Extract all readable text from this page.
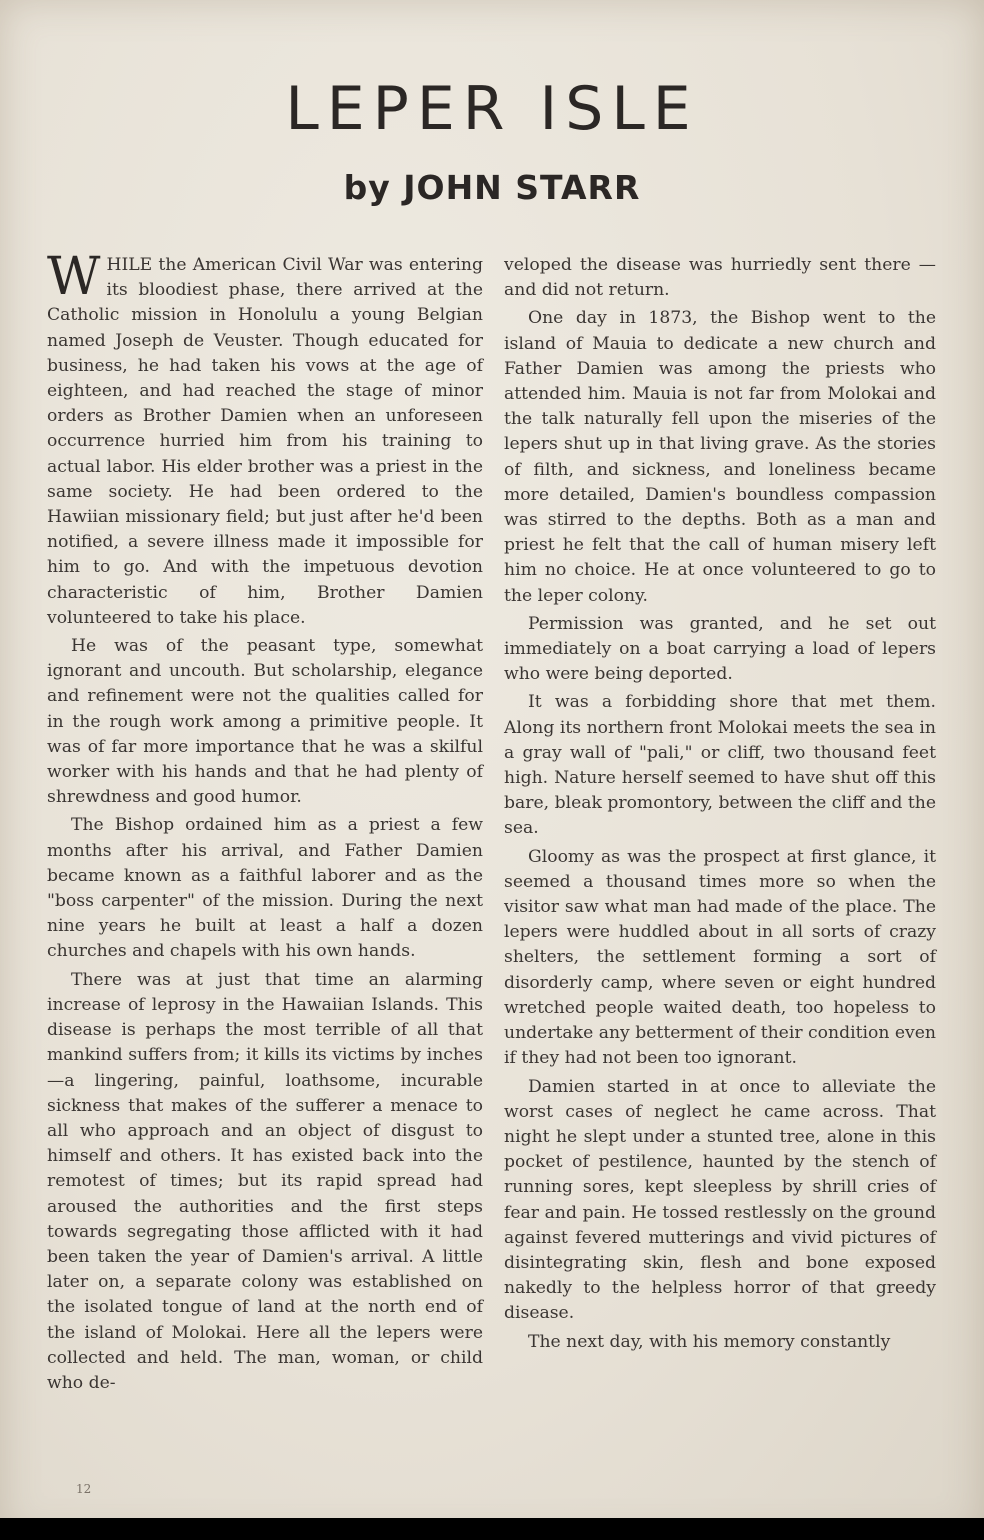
LEPER ISLE
by JOHN STARR

WHILE the American Civil War was entering its bloodiest phase, there arrived at the Catholic mission in Honolulu a young Belgian named Joseph de Veuster. Though educated for business, he had taken his vows at the age of eighteen, and had reached the stage of minor orders as Brother Damien when an unforeseen occurrence hurried him from his training to actual labor. His elder brother was a priest in the same society. He had been ordered to the Hawiian missionary field; but just after he'd been notified, a severe illness made it impossible for him to go. And with the impetuous devotion characteristic of him, Brother Damien volunteered to take his place.

He was of the peasant type, somewhat ignorant and uncouth. But scholarship, elegance and refinement were not the qualities called for in the rough work among a primitive people. It was of far more importance that he was a skilful worker with his hands and that he had plenty of shrewdness and good humor.

The Bishop ordained him as a priest a few months after his arrival, and Father Damien became known as a faithful laborer and as the "boss carpenter" of the mission. During the next nine years he built at least a half a dozen churches and chapels with his own hands.

There was at just that time an alarming increase of leprosy in the Hawaiian Islands. This disease is perhaps the most terrible of all that mankind suffers from; it kills its victims by inches—a lingering, painful, loathsome, incurable sickness that makes of the sufferer a menace to all who approach and an object of disgust to himself and others. It has existed back into the remotest of times; but its rapid spread had aroused the authorities and the first steps towards segregating those afflicted with it had been taken the year of Damien's arrival. A little later on, a separate colony was established on the isolated tongue of land at the north end of the island of Molokai. Here all the lepers were collected and held. The man, woman, or child who de-

veloped the disease was hurriedly sent there —and did not return.

One day in 1873, the Bishop went to the island of Mauia to dedicate a new church and Father Damien was among the priests who attended him. Mauia is not far from Molokai and the talk naturally fell upon the miseries of the lepers shut up in that living grave. As the stories of filth, and sickness, and loneliness became more detailed, Damien's boundless compassion was stirred to the depths. Both as a man and priest he felt that the call of human misery left him no choice. He at once volunteered to go to the leper colony.

Permission was granted, and he set out immediately on a boat carrying a load of lepers who were being deported.

It was a forbidding shore that met them. Along its northern front Molokai meets the sea in a gray wall of "pali," or cliff, two thousand feet high. Nature herself seemed to have shut off this bare, bleak promontory, between the cliff and the sea.

Gloomy as was the prospect at first glance, it seemed a thousand times more so when the visitor saw what man had made of the place. The lepers were huddled about in all sorts of crazy shelters, the settlement forming a sort of disorderly camp, where seven or eight hundred wretched people waited death, too hopeless to undertake any betterment of their condition even if they had not been too ignorant.

Damien started in at once to alleviate the worst cases of neglect he came across. That night he slept under a stunted tree, alone in this pocket of pestilence, haunted by the stench of running sores, kept sleepless by shrill cries of fear and pain. He tossed restlessly on the ground against fevered mutterings and vivid pictures of disintegrating skin, flesh and bone exposed nakedly to the helpless horror of that greedy disease.

The next day, with his memory constantly

12
